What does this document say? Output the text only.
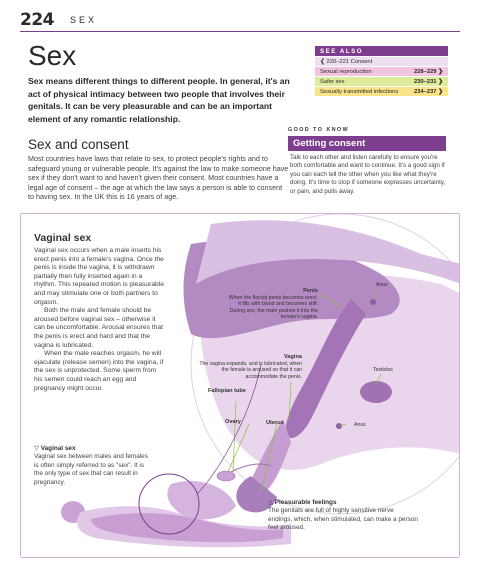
224 SEX
Sex
Sex means different things to different people. In general, it's an act of physical intimacy between two people that involves their genitals. It can be very pleasurable and can be an important element of any romantic relationship.
Sex and consent
Most countries have laws that relate to sex, to protect people's rights and to safeguard young or vulnerable people. It's against the law to make someone have sex if they don't want to and haven't given their consent. Most countries have a legal age of consent – the age at which the law says a person is able to consent to having sex. In the UK this is 16 years of age.
SEE ALSO
❮ 220–221 Consent
Sexual reproduction	228–229 ❯
Safer sex	230–231 ❯
Sexually transmitted infections	234–237 ❯
GOOD TO KNOW
Getting consent
Talk to each other and listen carefully to ensure you're both comfortable and want to continue. It's a good sign if you can each tell the other when you like what they're doing. It's time to stop if someone expresses uncertainty, or pain, and pulls away.
Vaginal sex
Vaginal sex occurs when a male inserts his erect penis into a female's vagina. Once the penis is inside the vagina, it is withdrawn partially then fully inserted again in a rhythm. This repeated motion is pleasurable and may stimulate one or both partners to orgasm.
Both the male and female should be aroused before vaginal sex – otherwise it can be uncomfortable. Arousal ensures that the penis is erect and hard and that the vagina is lubricated.
When the male reaches orgasm, he will ejaculate (release semen) into the vagina, if the sex is unprotected. Some sperm from his semen could reach an egg and pregnancy might occur.
▽ Vaginal sex
Vaginal sex between males and females is often simply referred to as "sex". It is the only type of sex that can result in pregnancy.
△ Pleasurable feelings
The genitals are full of highly sensitive nerve endings, which, when stimulated, can make a person feel aroused.
Penis
When the flaccid penis becomes erect, it fills with blood and becomes stiff. During sex, the male pushes it into the female's vagina.
Anus
Testicles
Vagina
The vagina expands, and is lubricated, when the female is aroused so that it can accommodate the penis.
Fallopian tube
Ovary	Uterus	Anus
